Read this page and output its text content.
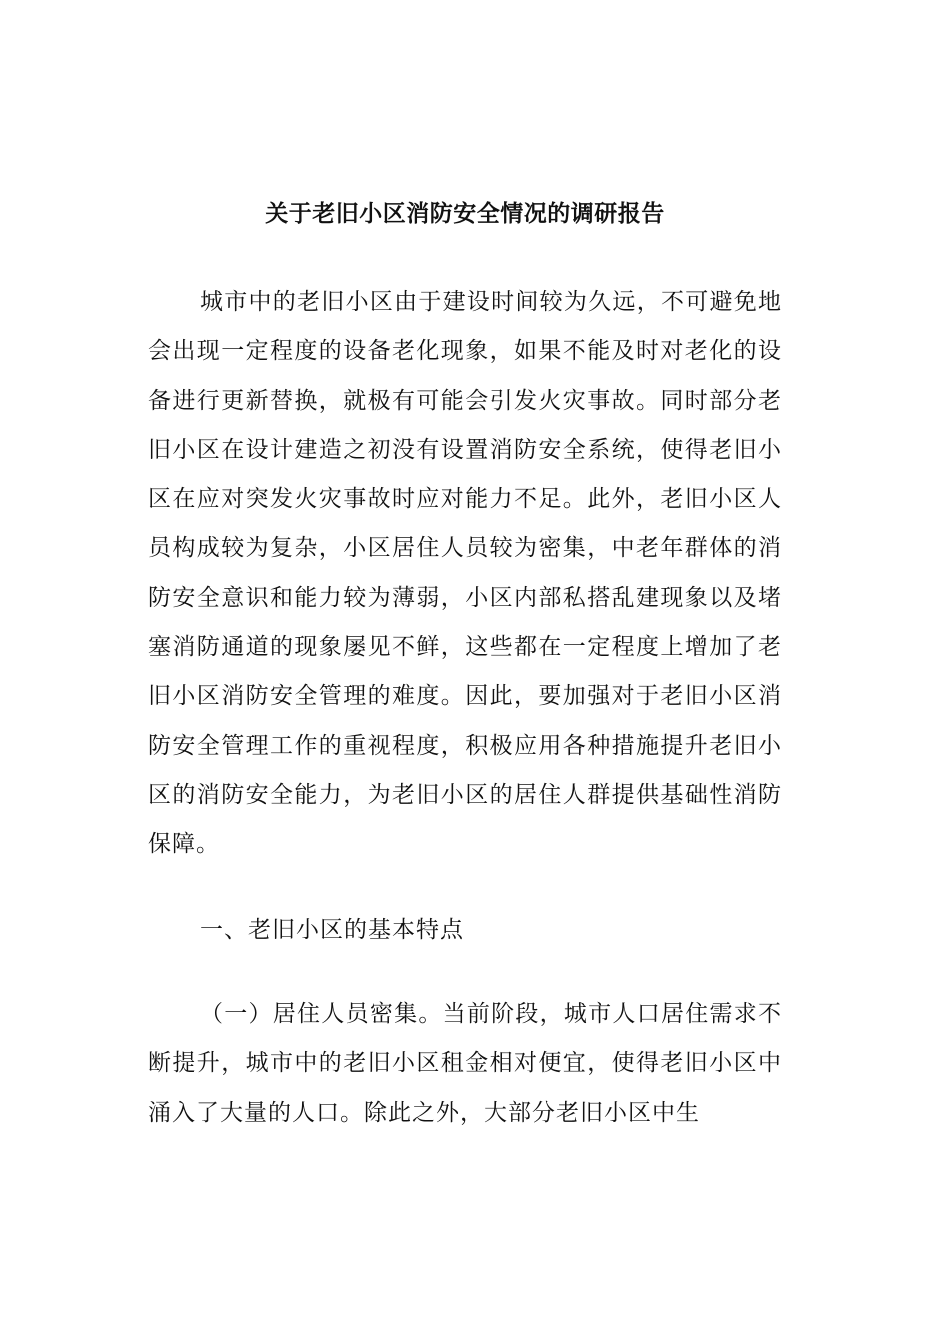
关于老旧小区消防安全情况的调研报告

城市中的老旧小区由于建设时间较为久远，不可避免地会出现一定程度的设备老化现象，如果不能及时对老化的设备进行更新替换，就极有可能会引发火灾事故。同时部分老旧小区在设计建造之初没有设置消防安全系统，使得老旧小区在应对突发火灾事故时应对能力不足。此外，老旧小区人员构成较为复杂，小区居住人员较为密集，中老年群体的消防安全意识和能力较为薄弱，小区内部私搭乱建现象以及堵塞消防通道的现象屡见不鲜，这些都在一定程度上增加了老旧小区消防安全管理的难度。因此，要加强对于老旧小区消防安全管理工作的重视程度，积极应用各种措施提升老旧小区的消防安全能力，为老旧小区的居住人群提供基础性消防保障。

一、老旧小区的基本特点

（一）居住人员密集。当前阶段，城市人口居住需求不断提升，城市中的老旧小区租金相对便宜，使得老旧小区中涌入了大量的人口。除此之外，大部分老旧小区中生
